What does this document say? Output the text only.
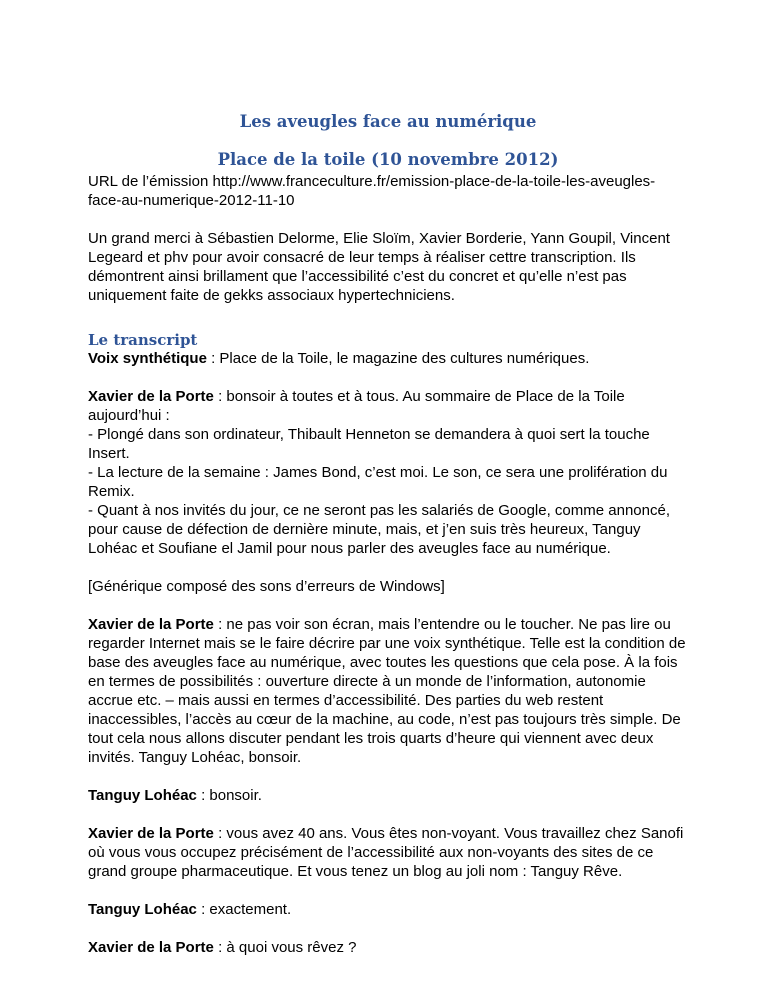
Les aveugles face au numérique
Place de la toile (10 novembre 2012)

URL de l’émission http://www.franceculture.fr/emission-place-de-la-toile-les-aveugles-face-au-numerique-2012-11-10

Un grand merci à Sébastien Delorme, Elie Sloïm, Xavier Borderie, Yann Goupil, Vincent Legeard et phv pour avoir consacré de leur temps à réaliser cettre transcription. Ils démontrent ainsi brillament que l’accessibilité c’est du concret et qu’elle n’est pas uniquement faite de gekks associaux hypertechniciens.

Le transcript

Voix synthétique : Place de la Toile, le magazine des cultures numériques.

Xavier de la Porte : bonsoir à toutes et à tous. Au sommaire de Place de la Toile aujourd’hui :
- Plongé dans son ordinateur, Thibault Henneton se demandera à quoi sert la touche Insert.
- La lecture de la semaine : James Bond, c’est moi. Le son, ce sera une prolifération du Remix.
- Quant à nos invités du jour, ce ne seront pas les salariés de Google, comme annoncé, pour cause de défection de dernière minute, mais, et j’en suis très heureux, Tanguy Lohéac et Soufiane el Jamil pour nous parler des aveugles face au numérique.

[Générique composé des sons d’erreurs de Windows]

Xavier de la Porte : ne pas voir son écran, mais l’entendre ou le toucher. Ne pas lire ou regarder Internet mais se le faire décrire par une voix synthétique. Telle est la condition de base des aveugles face au numérique, avec toutes les questions que cela pose. À la fois en termes de possibilités : ouverture directe à un monde de l’information, autonomie accrue etc. – mais aussi en termes d’accessibilité. Des parties du web restent inaccessibles, l’accès au cœur de la machine, au code, n’est pas toujours très simple. De tout cela nous allons discuter pendant les trois quarts d’heure qui viennent avec deux invités. Tanguy Lohéac, bonsoir.

Tanguy Lohéac : bonsoir.

Xavier de la Porte : vous avez 40 ans. Vous êtes non-voyant. Vous travaillez chez Sanofi où vous vous occupez précisément de l’accessibilité aux non-voyants des sites de ce grand groupe pharmaceutique. Et vous tenez un blog au joli nom : Tanguy Rêve.

Tanguy Lohéac : exactement.

Xavier de la Porte : à quoi vous rêvez ?
